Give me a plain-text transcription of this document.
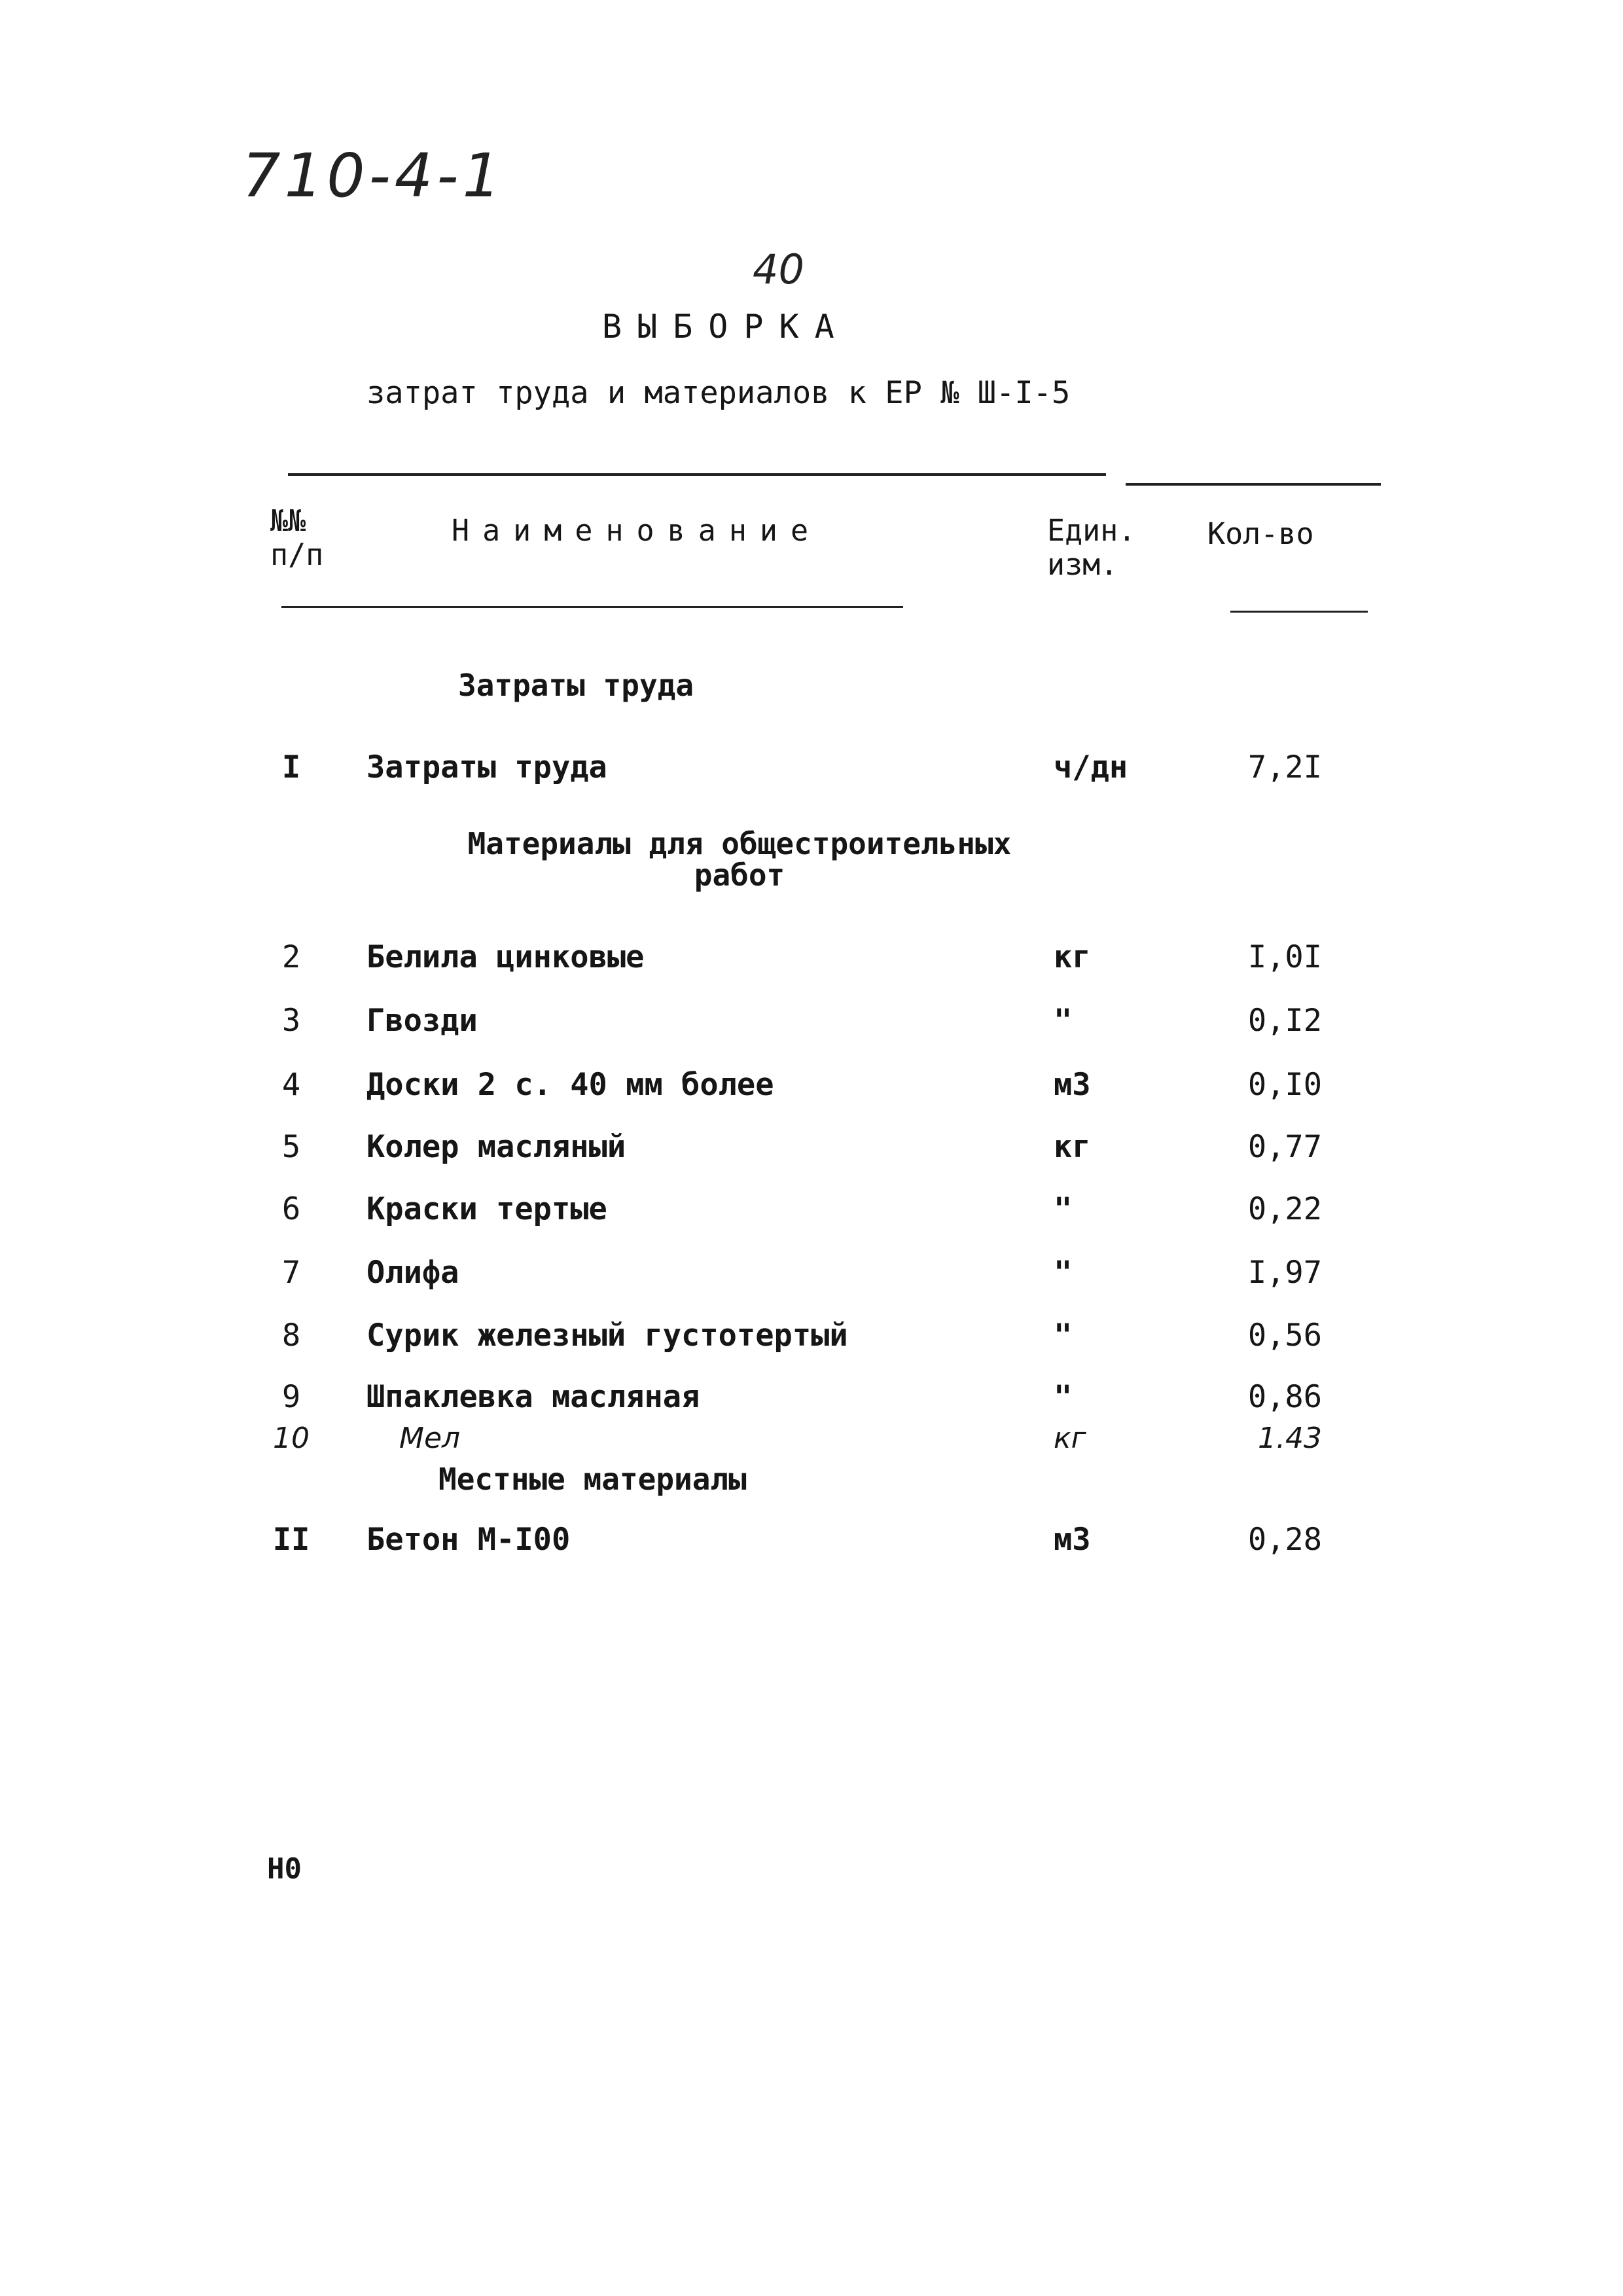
710-4-1
40
ВЫБОРКА
затрат труда и материалов к ЕР № Ш-I-5
№№
п/п
Наименование	Един.
изм.
Кол-во
Затраты труда
I	Затраты труда	ч/дн	7,2I
Материалы для общестроительных
работ
2	Белила цинковые	кг	I,0I
3	Гвозди	"	0,I2
4	Доски 2 с. 40 мм более	м3	0,I0
5	Колер масляный	кг	0,77
6	Краски тертые	"	0,22
7	Олифа	"	I,97
8	Сурик железный густотертый	"	0,56
9	Шпаклевка масляная	"	0,86
10	Мел	кг	1.43
Местные материалы
II	Бетон М-I00	м3	0,28
Н0
